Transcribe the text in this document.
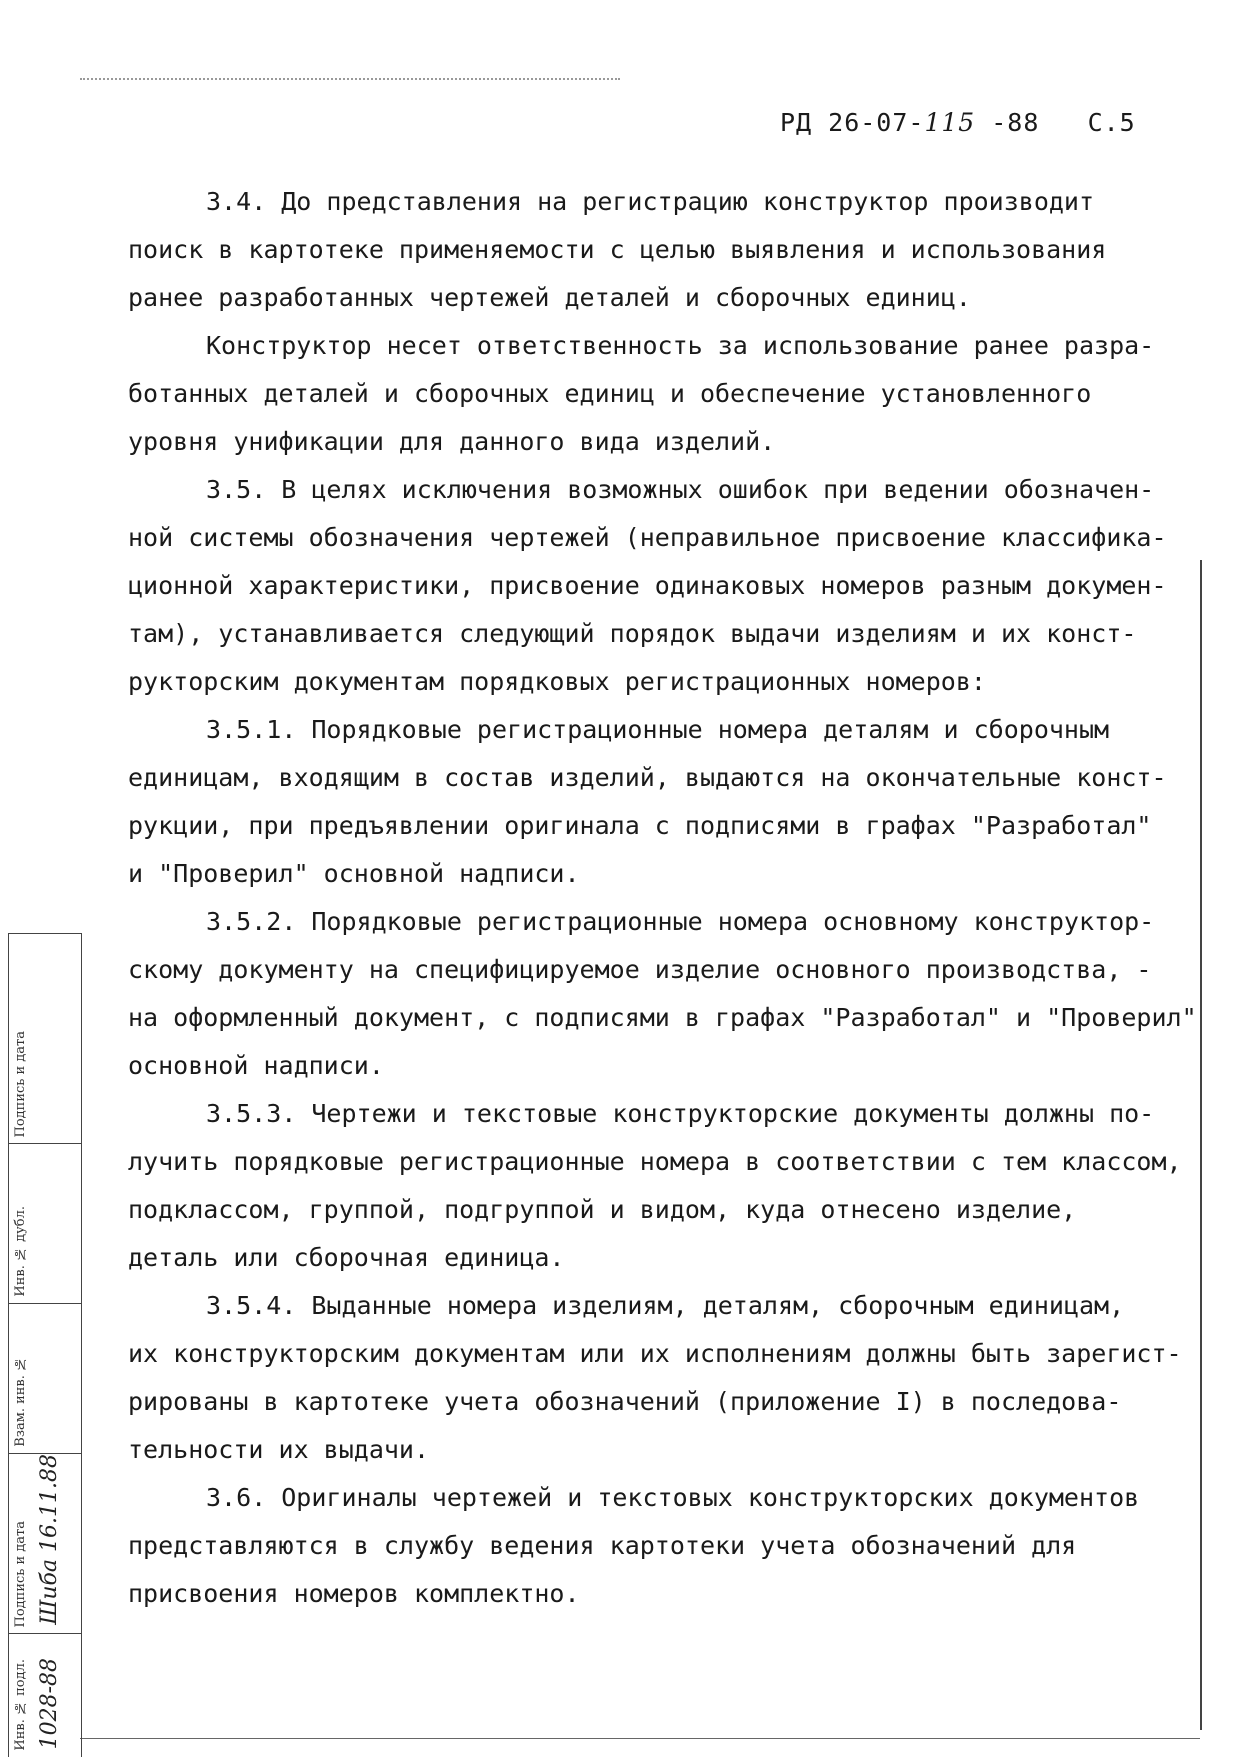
РД 26-07-115 -88 С.5
3.4. До представления на регистрацию конструктор производит
поиск в картотеке применяемости с целью выявления и использования
ранее разработанных чертежей деталей и сборочных единиц.
Конструктор несет ответственность за использование ранее разра-
ботанных деталей и сборочных единиц и обеспечение установленного
уровня унификации для данного вида изделий.
3.5. В целях исключения возможных ошибок при ведении обозначен-
ной системы обозначения чертежей (неправильное присвоение классифика-
ционной характеристики, присвоение одинаковых номеров разным докумен-
там), устанавливается следующий порядок выдачи изделиям и их конст-
рукторским документам порядковых регистрационных номеров:
3.5.1. Порядковые регистрационные номера деталям и сборочным
единицам, входящим в состав изделий, выдаются на окончательные конст-
рукции, при предъявлении оригинала с подписями в графах "Разработал"
и "Проверил" основной надписи.
3.5.2. Порядковые регистрационные номера основному конструктор-
скому документу на специфицируемое изделие основного производства, -
на оформленный документ, с подписями в графах "Разработал" и "Проверил"
основной надписи.
3.5.3. Чертежи и текстовые конструкторские документы должны по-
лучить порядковые регистрационные номера в соответствии с тем классом,
подклассом, группой, подгруппой и видом, куда отнесено изделие,
деталь или сборочная единица.
3.5.4. Выданные номера изделиям, деталям, сборочным единицам,
их конструкторским документам или их исполнениям должны быть зарегист-
рированы в картотеке учета обозначений (приложение I) в последова-
тельности их выдачи.
3.6. Оригиналы чертежей и текстовых конструкторских документов
представляются в службу ведения картотеки учета обозначений для
присвоения номеров комплектно.
Подпись и дата
Инв. № дубл.
Взам. инв. №
Подпись и дата Шиба 16.11.88
Инв. № подл. 1028-88
